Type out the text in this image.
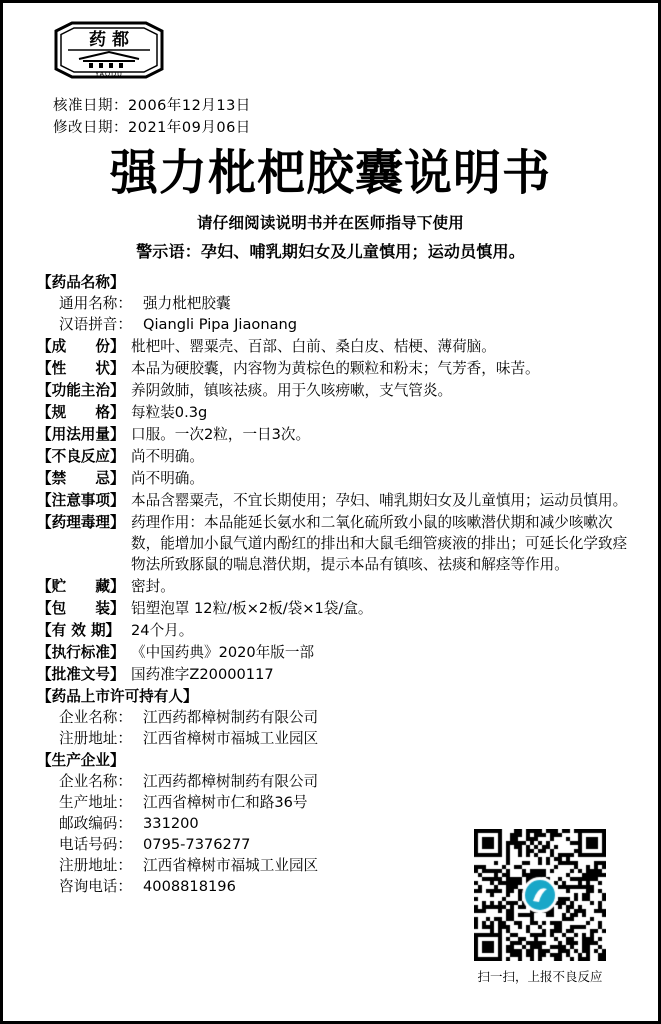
药 都
YAODU
核准日期：2006年12月13日
修改日期：2021年09月06日
强力枇杷胶囊说明书
请仔细阅读说明书并在医师指导下使用
警示语：孕妇、哺乳期妇女及儿童慎用；运动员慎用。
【药品名称】
通用名称： 强力枇杷胶囊
汉语拼音： Qiangli Pipa Jiaonang
【成　　份】 枇杷叶、罂粟壳、百部、白前、桑白皮、桔梗、薄荷脑。
【性　　状】 本品为硬胶囊，内容物为黄棕色的颗粒和粉末；气芳香，味苦。
【功能主治】 养阴敛肺，镇咳祛痰。用于久咳痨嗽，支气管炎。
【规　　格】 每粒装0.3g
【用法用量】 口服。一次2粒，一日3次。
【不良反应】 尚不明确。
【禁　　忌】 尚不明确。
【注意事项】 本品含罂粟壳，不宜长期使用；孕妇、哺乳期妇女及儿童慎用；运动员慎用。
【药理毒理】 药理作用：本品能延长氨水和二氧化硫所致小鼠的咳嗽潜伏期和减少咳嗽次数，能增加小鼠气道内酚红的排出和大鼠毛细管痰液的排出；可延长化学致痉物法所致豚鼠的喘息潜伏期，提示本品有镇咳、祛痰和解痉等作用。
【贮　　藏】 密封。
【包　　装】 铝塑泡罩 12粒/板×2板/袋×1袋/盒。
【有 效 期】 24个月。
【执行标准】 《中国药典》2020年版一部
【批准文号】 国药准字Z20000117
【药品上市许可持有人】
企业名称： 江西药都樟树制药有限公司
注册地址： 江西省樟树市福城工业园区
【生产企业】
企业名称： 江西药都樟树制药有限公司
生产地址： 江西省樟树市仁和路36号
邮政编码： 331200
电话号码： 0795-7376277
注册地址： 江西省樟树市福城工业园区
咨询电话： 4008818196
扫一扫，上报不良反应
